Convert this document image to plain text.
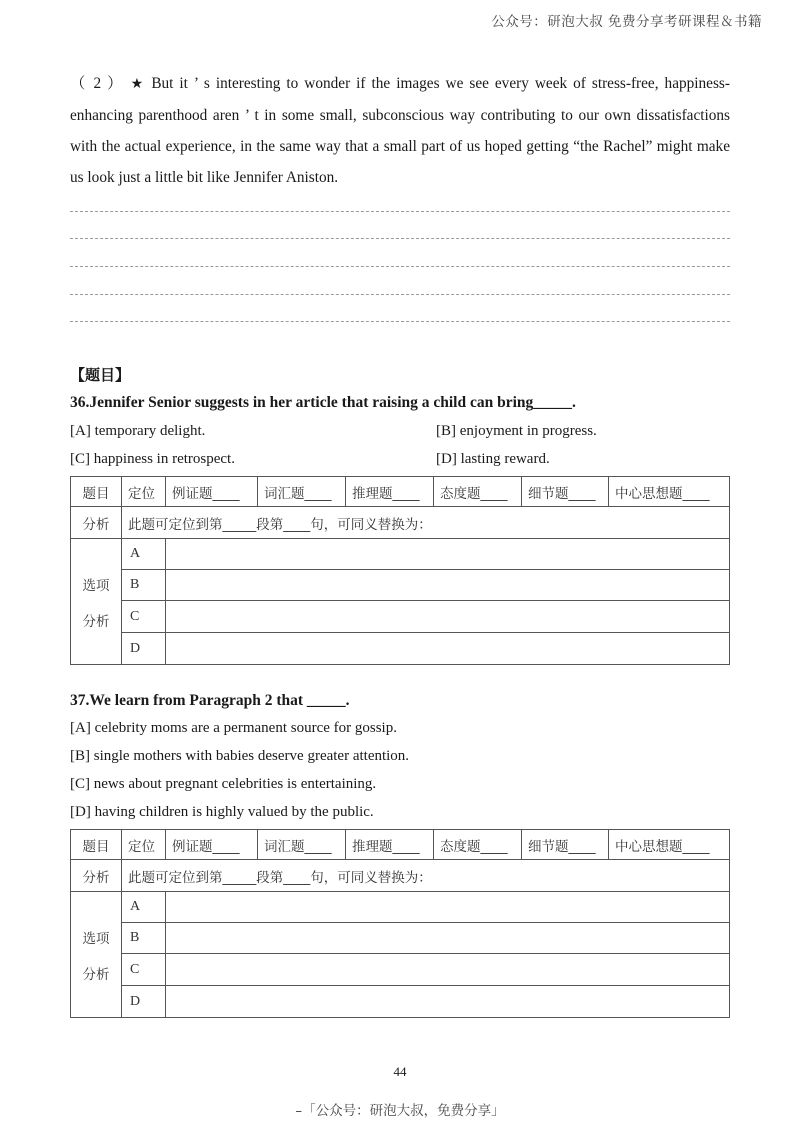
公众号：研泡大叔 免费分享考研课程＆书籍
（ 2 ） ★ But it ’ s interesting to wonder if the images we see every week of stress-free, happiness-enhancing parenthood aren ’ t in some small, subconscious way contributing to our own dissatisfactions with the actual experience, in the same way that a small part of us hoped getting “the Rachel” might make us look just a little bit like Jennifer Aniston.
【题目】
36.Jennifer Senior suggests in her article that raising a child can bring_____.
[A] temporary delight.	[B] enjoyment in progress.
[C] happiness in retrospect.	[D] lasting reward.
题目	定位	例证题____	词汇题____	推理题____	态度题____	细节题____	中心思想题____
分析	此题可定位到第_____段第____句，可同义替换为：						
选项

分析	A						
	B						
	C						
	D						
37.We learn from Paragraph 2 that _____.
[A] celebrity moms are a permanent source for gossip.
[B] single mothers with babies deserve greater attention.
[C] news about pregnant celebrities is entertaining.
[D] having children is highly valued by the public.
题目	定位	例证题____	词汇题____	推理题____	态度题____	细节题____	中心思想题____
分析	此题可定位到第_____段第____句，可同义替换为：						
选项

分析	A						
	B						
	C						
	D						
44
–「公众号：研泡大叔，免费分享」
